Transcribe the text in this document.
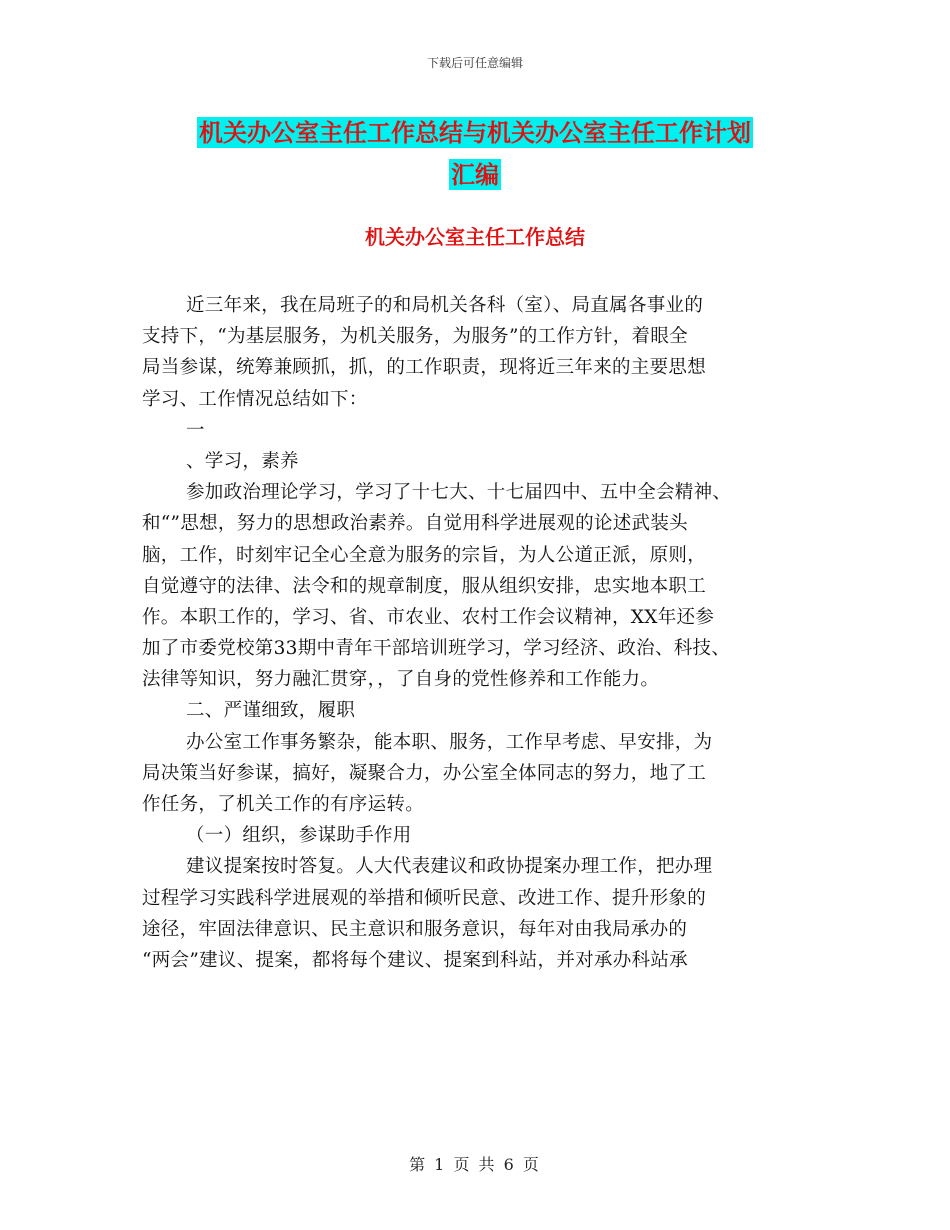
下载后可任意编辑
机关办公室主任工作总结与机关办公室主任工作计划
汇编
机关办公室主任工作总结
近三年来，我在局班子的和局机关各科（室）、局直属各事业的
支持下，“为基层服务，为机关服务，为服务”的工作方针，着眼全
局当参谋，统筹兼顾抓，抓，的工作职责，现将近三年来的主要思想
学习、工作情况总结如下：
一
、学习，素养
参加政治理论学习，学习了十七大、十七届四中、五中全会精神、
和“”思想，努力的思想政治素养。自觉用科学进展观的论述武装头
脑，工作，时刻牢记全心全意为服务的宗旨，为人公道正派，原则，
自觉遵守的法律、法令和的规章制度，服从组织安排，忠实地本职工
作。本职工作的，学习、省、市农业、农村工作会议精神，XX年还参
加了市委党校第33期中青年干部培训班学习，学习经济、政治、科技、
法律等知识，努力融汇贯穿，，了自身的党性修养和工作能力。
二、严谨细致，履职
办公室工作事务繁杂，能本职、服务，工作早考虑、早安排，为
局决策当好参谋，搞好，凝聚合力，办公室全体同志的努力，地了工
作任务，了机关工作的有序运转。
（一）组织，参谋助手作用
建议提案按时答复。人大代表建议和政协提案办理工作，把办理
过程学习实践科学进展观的举措和倾听民意、改进工作、提升形象的
途径，牢固法律意识、民主意识和服务意识，每年对由我局承办的
“两会”建议、提案，都将每个建议、提案到科站，并对承办科站承
第 1 页 共 6 页
